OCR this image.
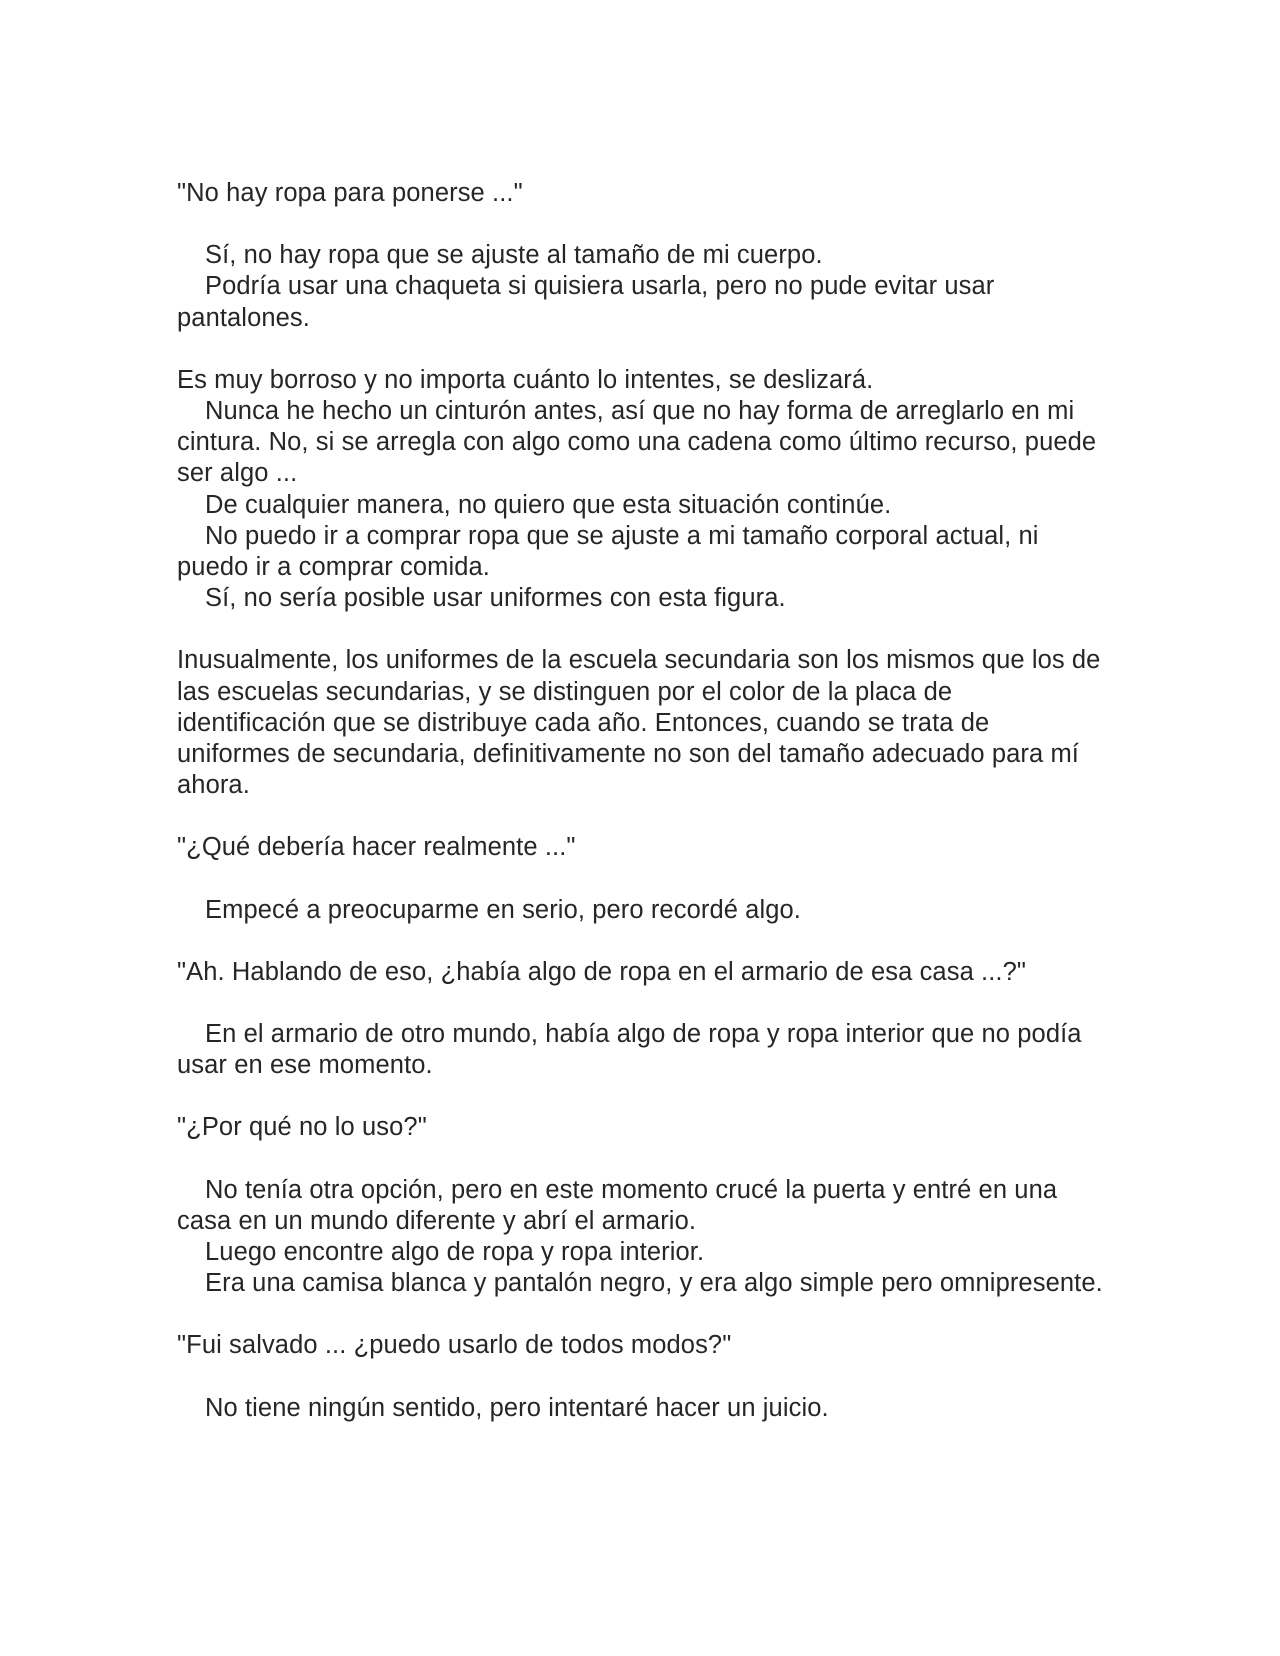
"No hay ropa para ponerse ..."

Sí, no hay ropa que se ajuste al tamaño de mi cuerpo.

Podría usar una chaqueta si quisiera usarla, pero no pude evitar usar pantalones.

Es muy borroso y no importa cuánto lo intentes, se deslizará.

Nunca he hecho un cinturón antes, así que no hay forma de arreglarlo en mi cintura. No, si se arregla con algo como una cadena como último recurso, puede ser algo ...

De cualquier manera, no quiero que esta situación continúe.

No puedo ir a comprar ropa que se ajuste a mi tamaño corporal actual, ni puedo ir a comprar comida.

Sí, no sería posible usar uniformes con esta figura.

Inusualmente, los uniformes de la escuela secundaria son los mismos que los de las escuelas secundarias, y se distinguen por el color de la placa de identificación que se distribuye cada año. Entonces, cuando se trata de uniformes de secundaria, definitivamente no son del tamaño adecuado para mí ahora.

"¿Qué debería hacer realmente ..."

Empecé a preocuparme en serio, pero recordé algo.

"Ah. Hablando de eso, ¿había algo de ropa en el armario de esa casa ...?"

En el armario de otro mundo, había algo de ropa y ropa interior que no podía usar en ese momento.

"¿Por qué no lo uso?"

No tenía otra opción, pero en este momento crucé la puerta y entré en una casa en un mundo diferente y abrí el armario.

Luego encontre algo de ropa y ropa interior.

Era una camisa blanca y pantalón negro, y era algo simple pero omnipresente.

"Fui salvado ... ¿puedo usarlo de todos modos?"

No tiene ningún sentido, pero intentaré hacer un juicio.
